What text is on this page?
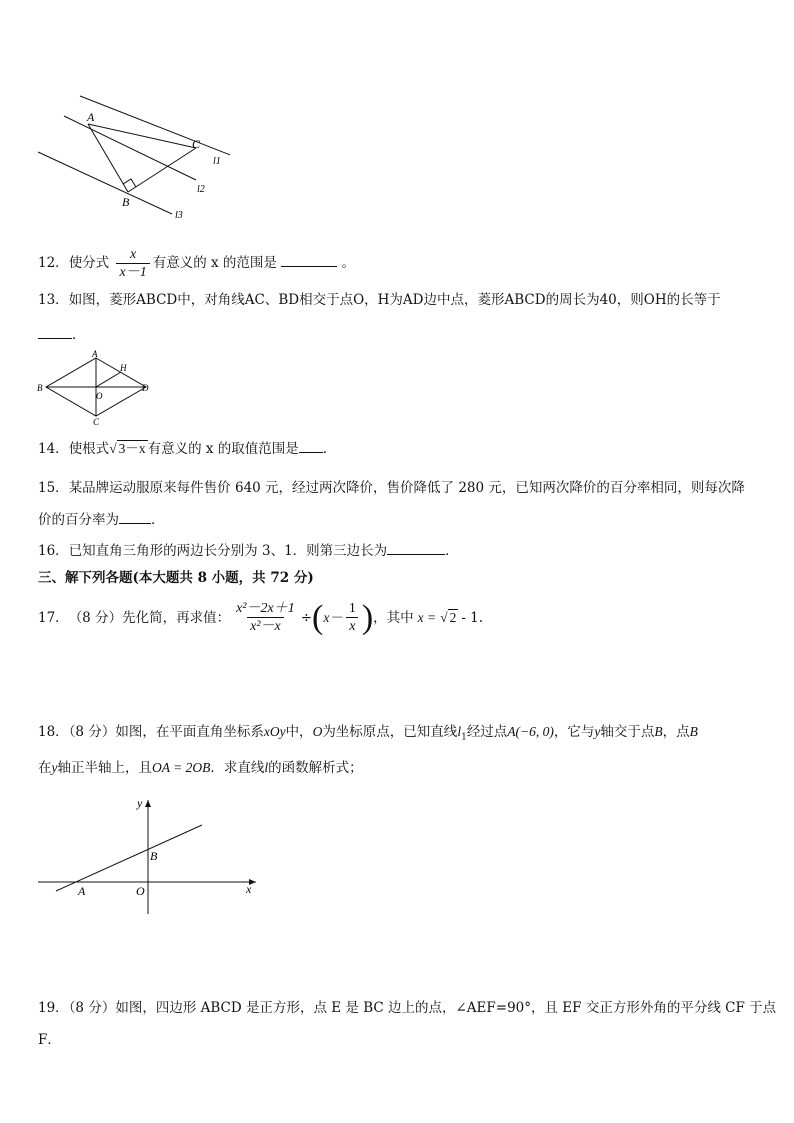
A
B
C
l1
l2
l3
12．使分式 $\frac{x}{x-1}$ 有意义的 x 的范围是	。
13．如图，菱形ABCD中，对角线AC、BD相交于点O，H为AD边中点，菱形ABCD的周长为40，则OH的长等于
．
A
B
C
D
H
O
14．使根式√ 3－x 有意义的 x 的取值范围是 ．
15．某品牌运动服原来每件售价 640 元，经过两次降价，售价降低了 280 元，已知两次降价的百分率相同，则每次降
价的百分率为 ．
16．已知直角三角形的两边长分别为 3、1．则第三边长为	．
三、解下列各题(本大题共 8 小题，共 72 分)
17． （8 分）先化简，再求值： $\frac{\text{x²－2x＋1}}{\text{x²－x}}$ ÷ ( $x- \frac{1}{x}$ ) ，其中 x = √ 2 - 1.
18．（8 分）如图，在平面直角坐标系xOy中，O为坐标原点，已知直线$l_1$经过点A(−6, 0)，它与y轴交于点B，点B
在y轴正半轴上，且OA = 2OB．求直线l的函数解析式；
x
y
A
B
O
19．（8 分）如图，四边形 ABCD 是正方形，点 E 是 BC 边上的点，∠AEF=90°，且 EF 交正方形外角的平分线 CF 于点
F．
